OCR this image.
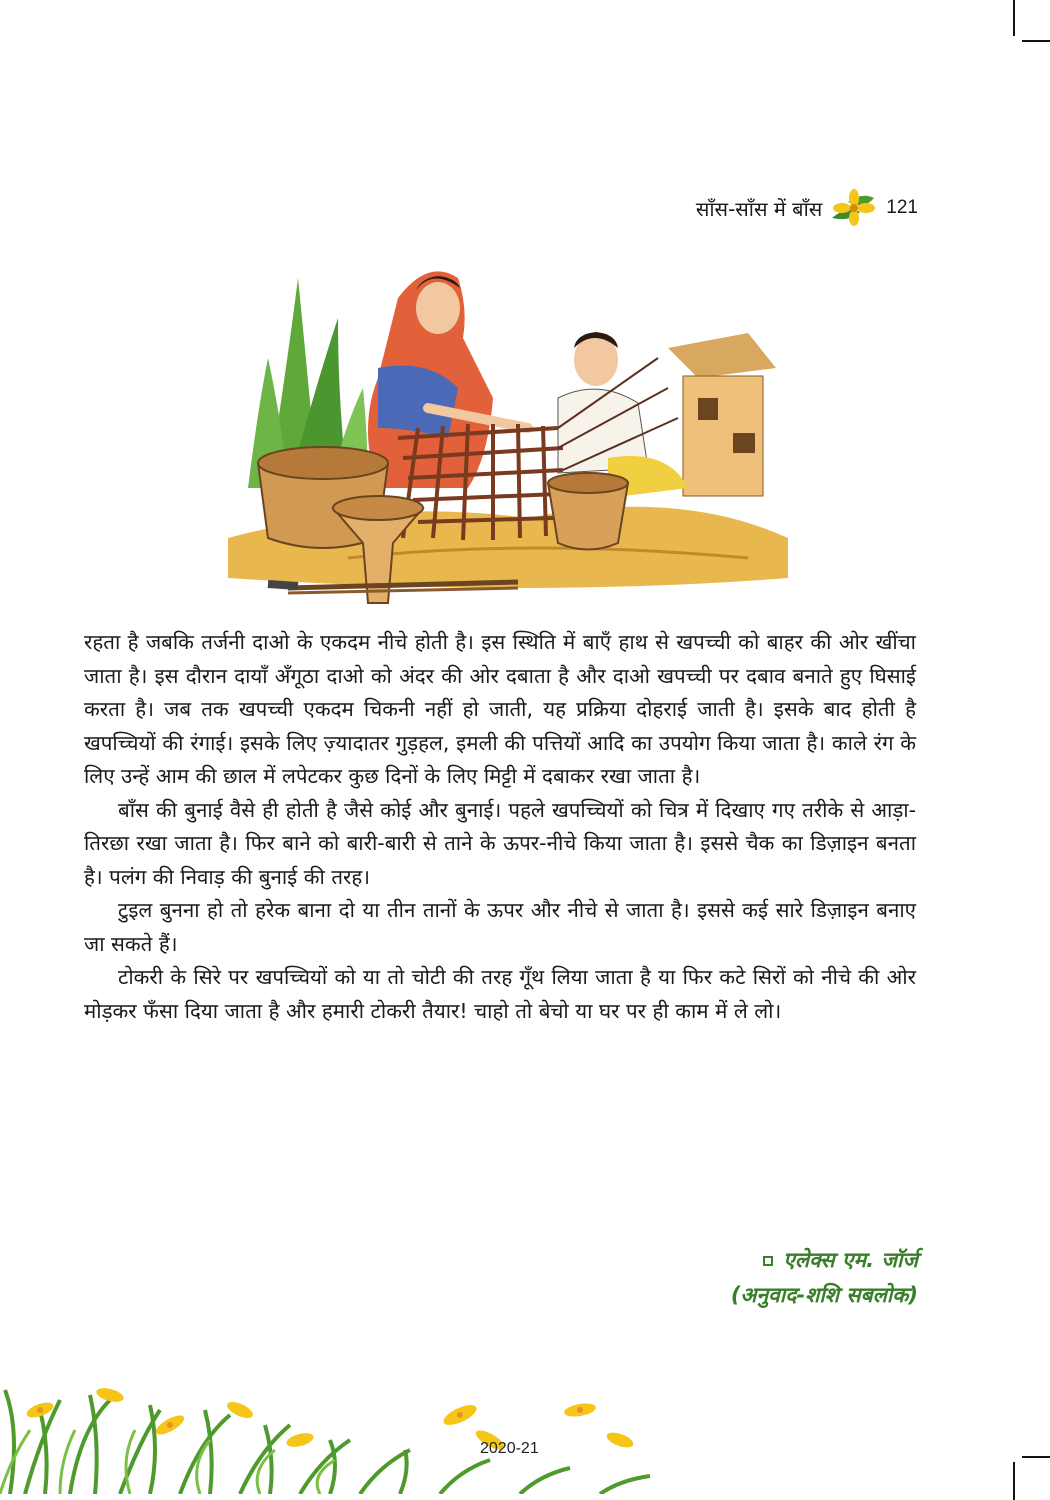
साँस-साँस में बाँस	121

रहता है जबकि तर्जनी दाओ के एकदम नीचे होती है। इस स्थिति में बाएँ हाथ से खपच्ची को बाहर की ओर खींचा जाता है। इस दौरान दायाँ अँगूठा दाओ को अंदर की ओर दबाता है और दाओ खपच्ची पर दबाव बनाते हुए घिसाई करता है। जब तक खपच्ची एकदम चिकनी नहीं हो जाती, यह प्रक्रिया दोहराई जाती है। इसके बाद होती है खपच्चियों की रंगाई। इसके लिए ज़्यादातर गुड़हल, इमली की पत्तियों आदि का उपयोग किया जाता है। काले रंग के लिए उन्हें आम की छाल में लपेटकर कुछ दिनों के लिए मिट्टी में दबाकर रखा जाता है।

बाँस की बुनाई वैसे ही होती है जैसे कोई और बुनाई। पहले खपच्चियों को चित्र में दिखाए गए तरीके से आड़ा-तिरछा रखा जाता है। फिर बाने को बारी-बारी से ताने के ऊपर-नीचे किया जाता है। इससे चैक का डिज़ाइन बनता है। पलंग की निवाड़ की बुनाई की तरह।

टुइल बुनना हो तो हरेक बाना दो या तीन तानों के ऊपर और नीचे से जाता है। इससे कई सारे डिज़ाइन बनाए जा सकते हैं।

टोकरी के सिरे पर खपच्चियों को या तो चोटी की तरह गूँथ लिया जाता है या फिर कटे सिरों को नीचे की ओर मोड़कर फँसा दिया जाता है और हमारी टोकरी तैयार! चाहो तो बेचो या घर पर ही काम में ले लो।

एलेक्स एम. जॉर्ज
(अनुवाद-शशि सबलोक)
2020-21
